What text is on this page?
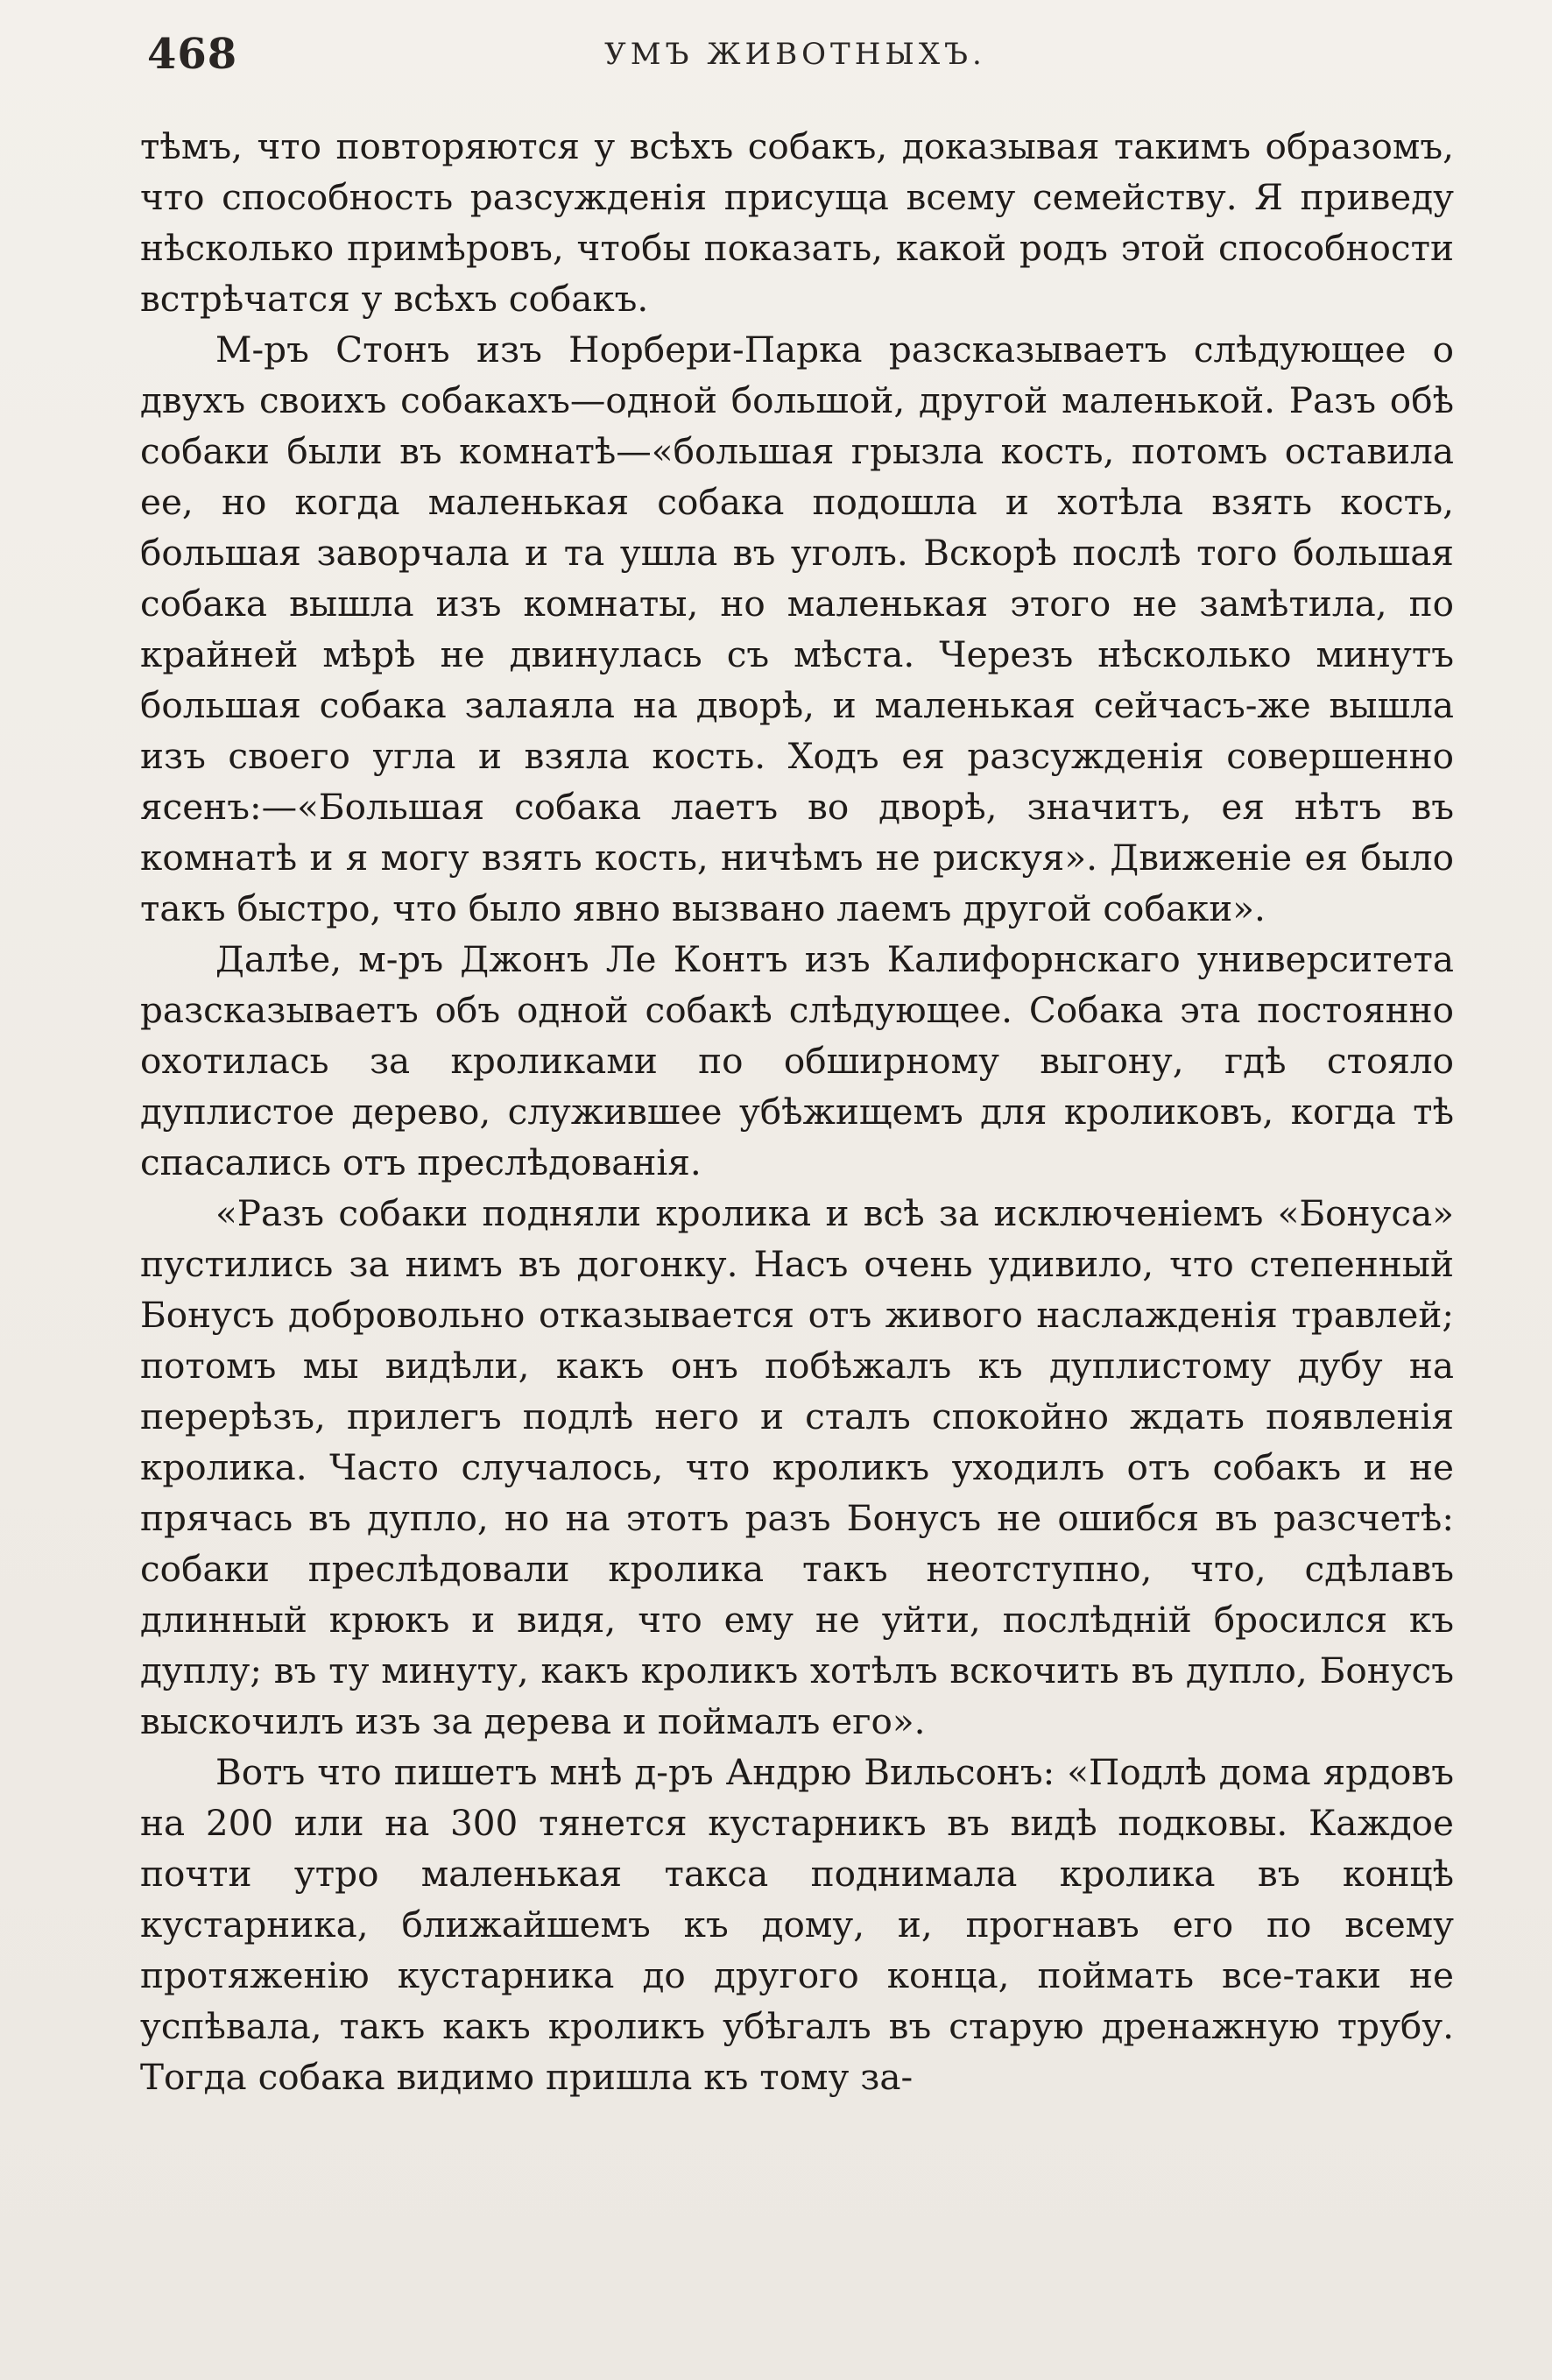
468	УМЪ ЖИВОТНЫХЪ.

тѣмъ, что повторяются у всѣхъ собакъ, доказывая такимъ образомъ, что способность разсужденія присуща всему семейству. Я приведу нѣсколько примѣровъ, чтобы показать, какой родъ этой способности встрѣчатся у всѣхъ собакъ.

М-ръ Стонъ изъ Норбери-Парка разсказываетъ слѣдующее о двухъ своихъ собакахъ—одной большой, другой маленькой. Разъ обѣ собаки были въ комнатѣ—«большая грызла кость, потомъ оставила ее, но когда маленькая собака подошла и хотѣла взять кость, большая заворчала и та ушла въ уголъ. Вскорѣ послѣ того большая собака вышла изъ комнаты, но маленькая этого не замѣтила, по крайней мѣрѣ не двинулась съ мѣста. Черезъ нѣсколько минутъ большая собака залаяла на дворѣ, и маленькая сейчасъ-же вышла изъ своего угла и взяла кость. Ходъ ея разсужденія совершенно ясенъ:—«Большая собака лаетъ во дворѣ, значитъ, ея нѣтъ въ комнатѣ и я могу взять кость, ничѣмъ не рискуя». Движеніе ея было такъ быстро, что было явно вызвано лаемъ другой собаки».

Далѣе, м-ръ Джонъ Ле Контъ изъ Калифорнскаго университета разсказываетъ объ одной собакѣ слѣдующее. Собака эта постоянно охотилась за кроликами по обширному выгону, гдѣ стояло дуплистое дерево, служившее убѣжищемъ для кроликовъ, когда тѣ спасались отъ преслѣдованія.

«Разъ собаки подняли кролика и всѣ за исключеніемъ «Бонуса» пустились за нимъ въ догонку. Насъ очень удивило, что степенный Бонусъ добровольно отказывается отъ живого наслажденія травлей; потомъ мы видѣли, какъ онъ побѣжалъ къ дуплистому дубу на перерѣзъ, прилегъ подлѣ него и сталъ спокойно ждать появленія кролика. Часто случалось, что кроликъ уходилъ отъ собакъ и не прячась въ дупло, но на этотъ разъ Бонусъ не ошибся въ разсчетѣ: собаки преслѣдовали кролика такъ неотступно, что, сдѣлавъ длинный крюкъ и видя, что ему не уйти, послѣдній бросился къ дуплу; въ ту минуту, какъ кроликъ хотѣлъ вскочить въ дупло, Бонусъ выскочилъ изъ за дерева и поймалъ его».

Вотъ что пишетъ мнѣ д-ръ Андрю Вильсонъ: «Подлѣ дома ярдовъ на 200 или на 300 тянется кустарникъ въ видѣ подковы. Каждое почти утро маленькая такса поднимала кролика въ концѣ кустарника, ближайшемъ къ дому, и, прогнавъ его по всему протяженію кустарника до другого конца, поймать все-таки не успѣвала, такъ какъ кроликъ убѣгалъ въ старую дренажную трубу. Тогда собака видимо пришла къ тому за-
